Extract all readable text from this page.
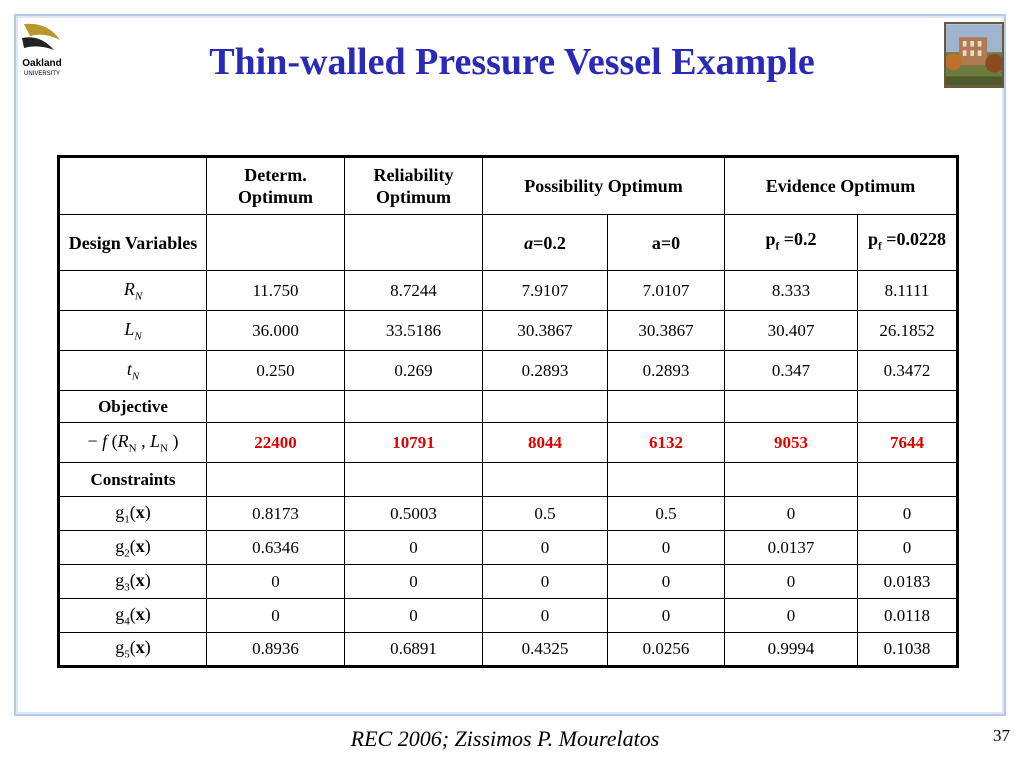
Oakland
UNIVERSITY	Thin-walled Pressure Vessel Example
	Determ. Optimum	Reliability Optimum	Possibility Optimum		Evidence Optimum	
Design Variables			a=0.2	a=0	$p_f =0.2$	$p_f =0.0228$
$R_N$	11.750	8.7244	7.9107	7.0107	8.333	8.1111
$L_N$	36.000	33.5186	30.3867	30.3867	30.407	26.1852
$t_N$	0.250	0.269	0.2893	0.2893	0.347	0.3472
Objective						
− f ($R_N$ , $L_N$ )	22400	10791	8044	6132	9053	7644
Constraints						
$g_1(x)$	0.8173	0.5003	0.5	0.5	0	0
$g_2(x)$	0.6346	0	0	0	0.0137	0
$g_3(x)$	0	0	0	0	0	0.0183
$g_4(x)$	0	0	0	0	0	0.0118
$g_5(x)$	0.8936	0.6891	0.4325	0.0256	0.9994	0.1038
REC 2006; Zissimos P. Mourelatos	37
